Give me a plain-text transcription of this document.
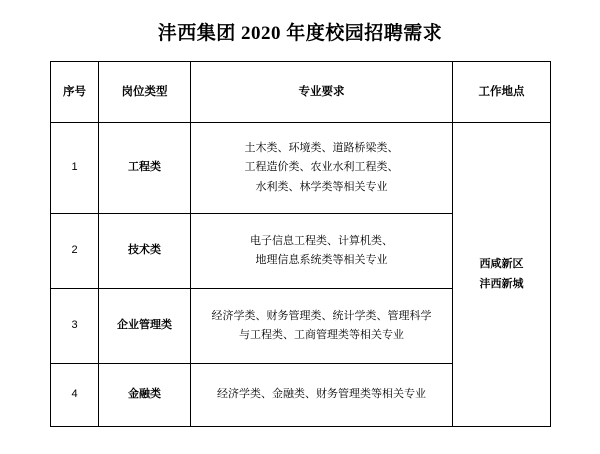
沣西集团 2020 年度校园招聘需求
序号	岗位类型	专业要求	工作地点
1	工程类	土木类、环境类、道路桥梁类、
工程造价类、农业水利工程类、
水利类、林学类等相关专业	西咸新区
沣西新城

2	技术类	电子信息工程类、计算机类、
地理信息系统类等相关专业	

3	企业管理类	经济学类、财务管理类、统计学类、管理科学
与工程类、工商管理类等相关专业	

4	金融类	经济学类、金融类、财务管理类等相关专业	
